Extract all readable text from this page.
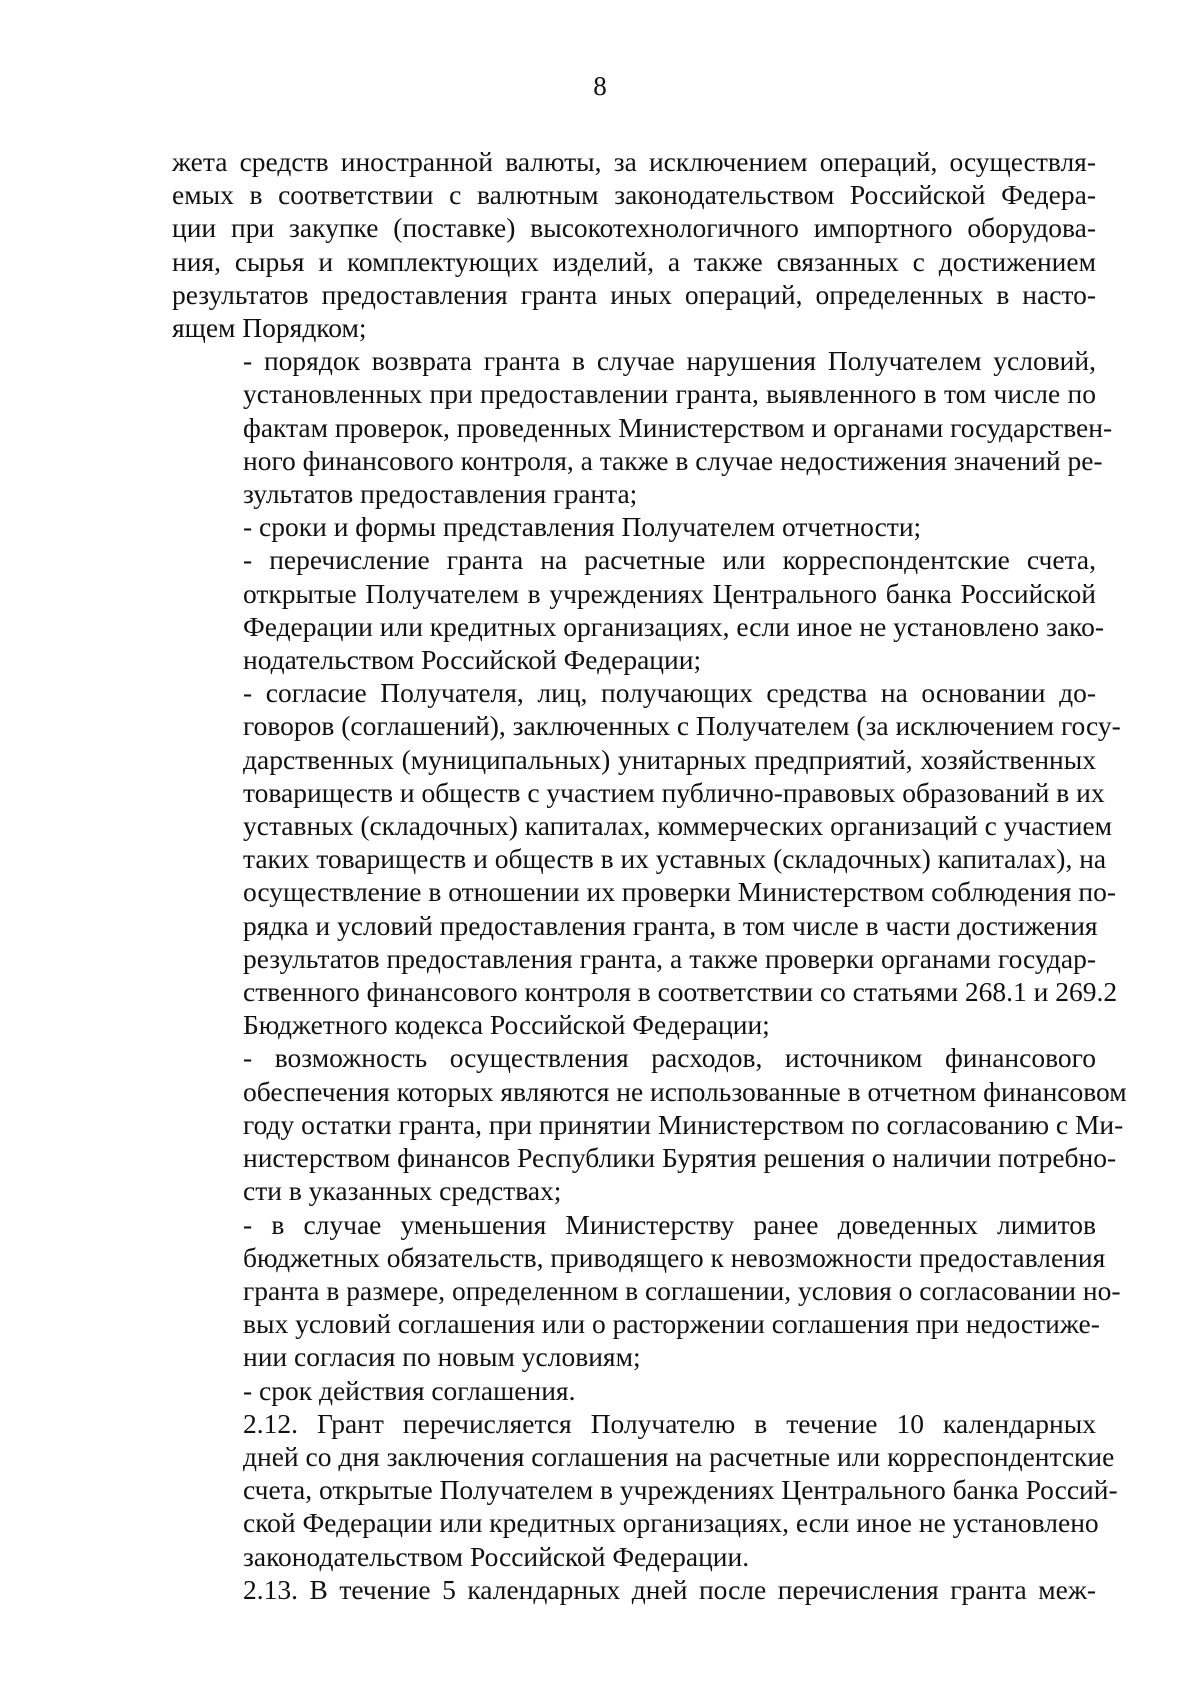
8
жета средств иностранной валюты, за исключением операций, осуществля-
емых в соответствии с валютным законодательством Российской Федера-
ции при закупке (поставке) высокотехнологичного импортного оборудова-
ния, сырья и комплектующих изделий, а также связанных с достижением
результатов предоставления гранта иных операций, определенных в насто-
ящем Порядком;
- порядок возврата гранта в случае нарушения Получателем условий,
установленных при предоставлении гранта, выявленного в том числе по
фактам проверок, проведенных Министерством и органами государствен-
ного финансового контроля, а также в случае недостижения значений ре-
зультатов предоставления гранта;
- сроки и формы представления Получателем отчетности;
- перечисление гранта на расчетные или корреспондентские счета,
открытые Получателем в учреждениях Центрального банка Российской
Федерации или кредитных организациях, если иное не установлено зако-
нодательством Российской Федерации;
- согласие Получателя, лиц, получающих средства на основании до-
говоров (соглашений), заключенных с Получателем (за исключением госу-
дарственных (муниципальных) унитарных предприятий, хозяйственных
товариществ и обществ с участием публично-правовых образований в их
уставных (складочных) капиталах, коммерческих организаций с участием
таких товариществ и обществ в их уставных (складочных) капиталах), на
осуществление в отношении их проверки Министерством соблюдения по-
рядка и условий предоставления гранта, в том числе в части достижения
результатов предоставления гранта, а также проверки органами государ-
ственного финансового контроля в соответствии со статьями 268.1 и 269.2
Бюджетного кодекса Российской Федерации;
- возможность осуществления расходов, источником финансового
обеспечения которых являются не использованные в отчетном финансовом
году остатки гранта, при принятии Министерством по согласованию с Ми-
нистерством финансов Республики Бурятия решения о наличии потребно-
сти в указанных средствах;
- в случае уменьшения Министерству ранее доведенных лимитов
бюджетных обязательств, приводящего к невозможности предоставления
гранта в размере, определенном в соглашении, условия о согласовании но-
вых условий соглашения или о расторжении соглашения при недостиже-
нии согласия по новым условиям;
- срок действия соглашения.
2.12. Грант перечисляется Получателю в течение 10 календарных
дней со дня заключения соглашения на расчетные или корреспондентские
счета, открытые Получателем в учреждениях Центрального банка Россий-
ской Федерации или кредитных организациях, если иное не установлено
законодательством Российской Федерации.
2.13. В течение 5 календарных дней после перечисления гранта меж-
